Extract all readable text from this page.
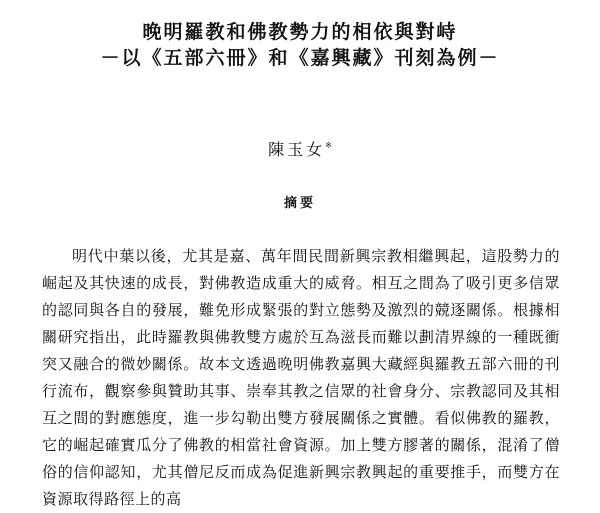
晚明羅教和佛教勢力的相依與對峙
－以《五部六冊》和《嘉興藏》刊刻為例－
陳玉女※
摘要

明代中葉以後，尤其是嘉、萬年間民間新興宗教相繼興起，這股勢力的崛起及其快速的成長，對佛教造成重大的威脅。相互之間為了吸引更多信眾的認同與各自的發展，難免形成緊張的對立態勢及激烈的競逐關係。根據相關研究指出，此時羅教與佛教雙方處於互為滋長而難以劃清界線的一種既衝突又融合的微妙關係。故本文透過晚明佛教嘉興大藏經與羅教五部六冊的刊行流布，觀察參與贊助其事、崇奉其教之信眾的社會身分、宗教認同及其相互之間的對應態度，進一步勾勒出雙方發展關係之實體。看似佛教的羅教，它的崛起確實瓜分了佛教的相當社會資源。加上雙方膠著的關係，混淆了僧俗的信仰認知，尤其僧尼反而成為促進新興宗教興起的重要推手，而雙方在資源取得路徑上的高
